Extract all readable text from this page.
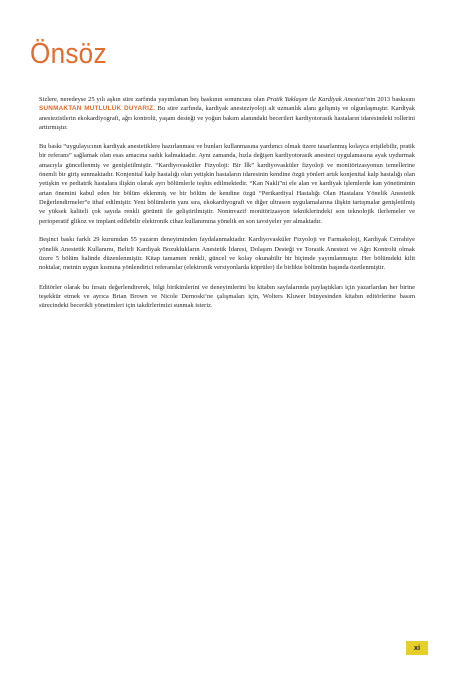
Önsöz

Sizlere, neredeyse 25 yılı aşkın süre zarfında yayımlanan beş baskının sonuncusu olan Pratik Yaklaşım ile Kardiyak Anestezi’nin 2013 baskısını SUNMAKTAN MUTLULUK DUYARIZ. Bu süre zarfında, kardiyak anesteziyoloji alt uzmanlık alanı gelişmiş ve olgunlaşmıştır. Kardiyak anestezistlerin ekokardiyografi, ağrı kontrolü, yaşam desteği ve yoğun bakım alanındaki becerileri kardiyotorasik hastaların idaresindeki rollerini arttırmıştır.

Bu baskı “uygulayıcının kardiyak anestetiklere hazırlanması ve bunları kullanmasına yardımcı olmak üzere tasarlanmış kolayca erişilebilir, pratik bir referans” sağlamak olan esas amacına sadık kalmaktadır. Aynı zamanda, hızla değişen kardiyotorasik anestezi uygulamasına ayak uydurmak amacıyla güncellenmiş ve genişletilmiştir. “Kardiyovasküler Fizyoloji: Bir İlk” kardiyovasküler fizyoloji ve monitörizasyonun temellerine önemli bir giriş sunmaktadır. Konjenital kalp hastalığı olan yetişkin hastaların idaresinin kendine özgü yönleri artık konjenital kalp hastalığı olan yetişkin ve pediatrik hastalara ilişkin olarak ayrı bölümlerle teşhis edilmektedir. “Kan Nakli”ni ele alan ve kardiyak işlemlerde kan yönetiminin artan önemini kabul eden bir bölüm eklenmiş ve bir bölüm de kendine özgü “Perikardiyal Hastalığı Olan Hastalara Yönelik Anestetik Değerlendirmeler”e ithaf edilmiştir. Yeni bölümlerin yanı sıra, ekokardiyografi ve diğer ultrason uygulamalarına ilişkin tartışmalar genişletilmiş ve yüksek kaliteli çok sayıda renkli görüntü ile geliştirilmiştir. Noninvazif monitörizasyon tekniklerindeki son teknolojik ilerlemeler ve perioperatif glikoz ve implant edilebilir elektronik cihaz kullanımına yönelik en son tavsiyeler yer almaktadır.

Beşinci baskı farklı 29 kurumdan 55 yazarın deneyiminden faydalanmaktadır. Kardiyovasküler Fizyoloji ve Farmakoloji, Kardiyak Cerrahiye yönelik Anestetik Kullanımı, Belirli Kardiyak Bozuklukların Anestetik İdaresi, Dolaşım Desteği ve Torasik Anestezi ve Ağrı Kontrolü olmak üzere 5 bölüm halinde düzenlenmiştir. Kitap tamamen renkli, güncel ve kolay okunabilir bir biçimde yayımlanmıştır. Her bölümdeki kilit noktalar, metnin uygun kısmına yönlendirici referanslar (elektronik versiyonlarda köprüler) ile birlikte bölümün başında özetlenmiştir.

Editörler olarak bu fırsatı değerlendirerek, bilgi birikimlerini ve deneyimlerini bu kitabın sayfalarında paylaştıkları için yazarlardan her birine teşekkür etmek ve ayrıca Brian Brown ve Nicole Dernoski’ne çalışmaları için, Wolters Kluwer bünyesinden kitabın editörlerine basım sürecindeki becerikli yönetimleri için takdirlerimizi sunmak isteriz.

xi
